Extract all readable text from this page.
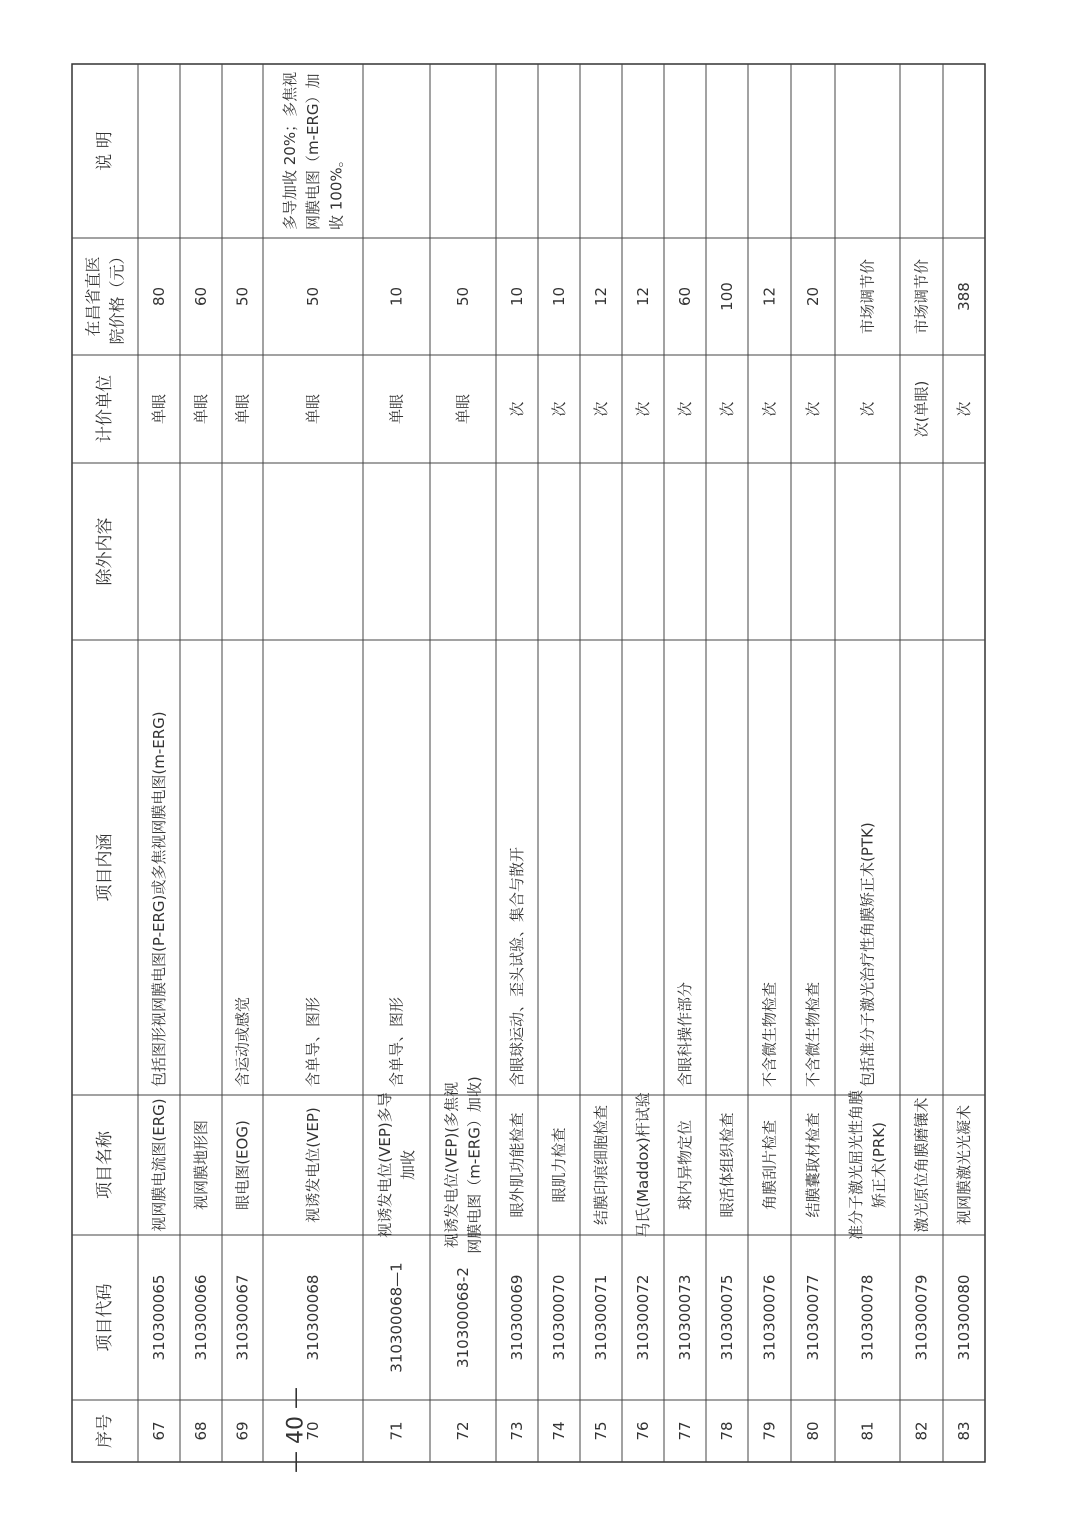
序号
项目代码
项目名称
项目内涵
除外内容
计价单位
在昌省直医 院价格（元）
说 明
67
310300065
视网膜电流图(ERG)
包括图形视网膜电图(P-ERG)或多焦视网膜电图(m-ERG)
单眼
80
68
310300066
视网膜地形图
单眼
60
69
310300067
眼电图(EOG)
含运动或感觉
单眼
50
70
310300068
视诱发电位(VEP)
含单导、图形
单眼
50
多导加收 20%；多焦视 网膜电图（m-ERG）加 收 100%。
71
310300068—1
视诱发电位(VEP)多导 加收
含单导、图形
单眼
10
72
310300068-2
视诱发电位(VEP)(多焦视 网膜电图（m-ERG）加收)
单眼
50
73
310300069
眼外肌功能检查
含眼球运动、歪头试验、集合与散开
次
10
74
310300070
眼肌力检查
次
10
75
310300071
结膜印痕细胞检查
次
12
76
310300072
马氏(Maddox)杆试验
次
12
77
310300073
球内异物定位
含眼科操作部分
次
60
78
310300075
眼活体组织检查
次
100
79
310300076
角膜刮片检查
不含微生物检查
次
12
80
310300077
结膜囊取材检查
不含微生物检查
次
20
81
310300078
准分子激光屈光性角膜 矫正术(PRK)
包括准分子激光治疗性角膜矫正术(PTK)
次
市场调节价
82
310300079
激光原位角膜磨镶术
次(单眼)
市场调节价
83
310300080
视网膜激光光凝术
次
388
— 40 —
